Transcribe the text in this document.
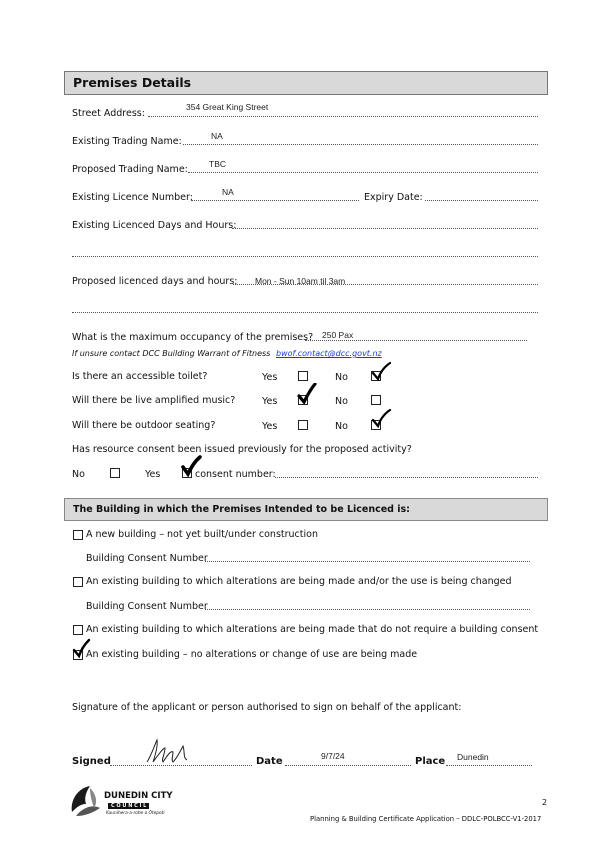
Premises Details
Street Address:
354 Great King Street
Existing Trading Name:	NA
Proposed Trading Name: TBC
Existing Licence Number:	NA	Expiry Date:
Existing Licenced Days and Hours:
Proposed licenced days and hours: Mon - Sun 10am til 3am
What is the maximum occupancy of the premises? 250 Pax
If unsure contact DCC Building Warrant of Fitness bwof.contact@dcc.govt.nz
Is there an accessible toilet?	Yes	No
Will there be live amplified music?	Yes	No
Will there be outdoor seating?	Yes	No
Has resource consent been issued previously for the proposed activity?
No	Yes	consent number:
The Building in which the Premises Intended to be Licenced is:
A new building – not yet built/under construction
Building Consent Number
An existing building to which alterations are being made and/or the use is being changed
Building Consent Number
An existing building to which alterations are being made that do not require a building consent
An existing building – no alterations or change of use are being made
Signature of the applicant or person authorised to sign on behalf of the applicant:
Signed	Date	9/7/24	Place Dunedin
DUNEDIN CITY
C O U N C I L
Kaunihera-a-rohe o Ōtepoti
2
Planning & Building Certificate Application – DDLC-POLBCC-V1-2017
